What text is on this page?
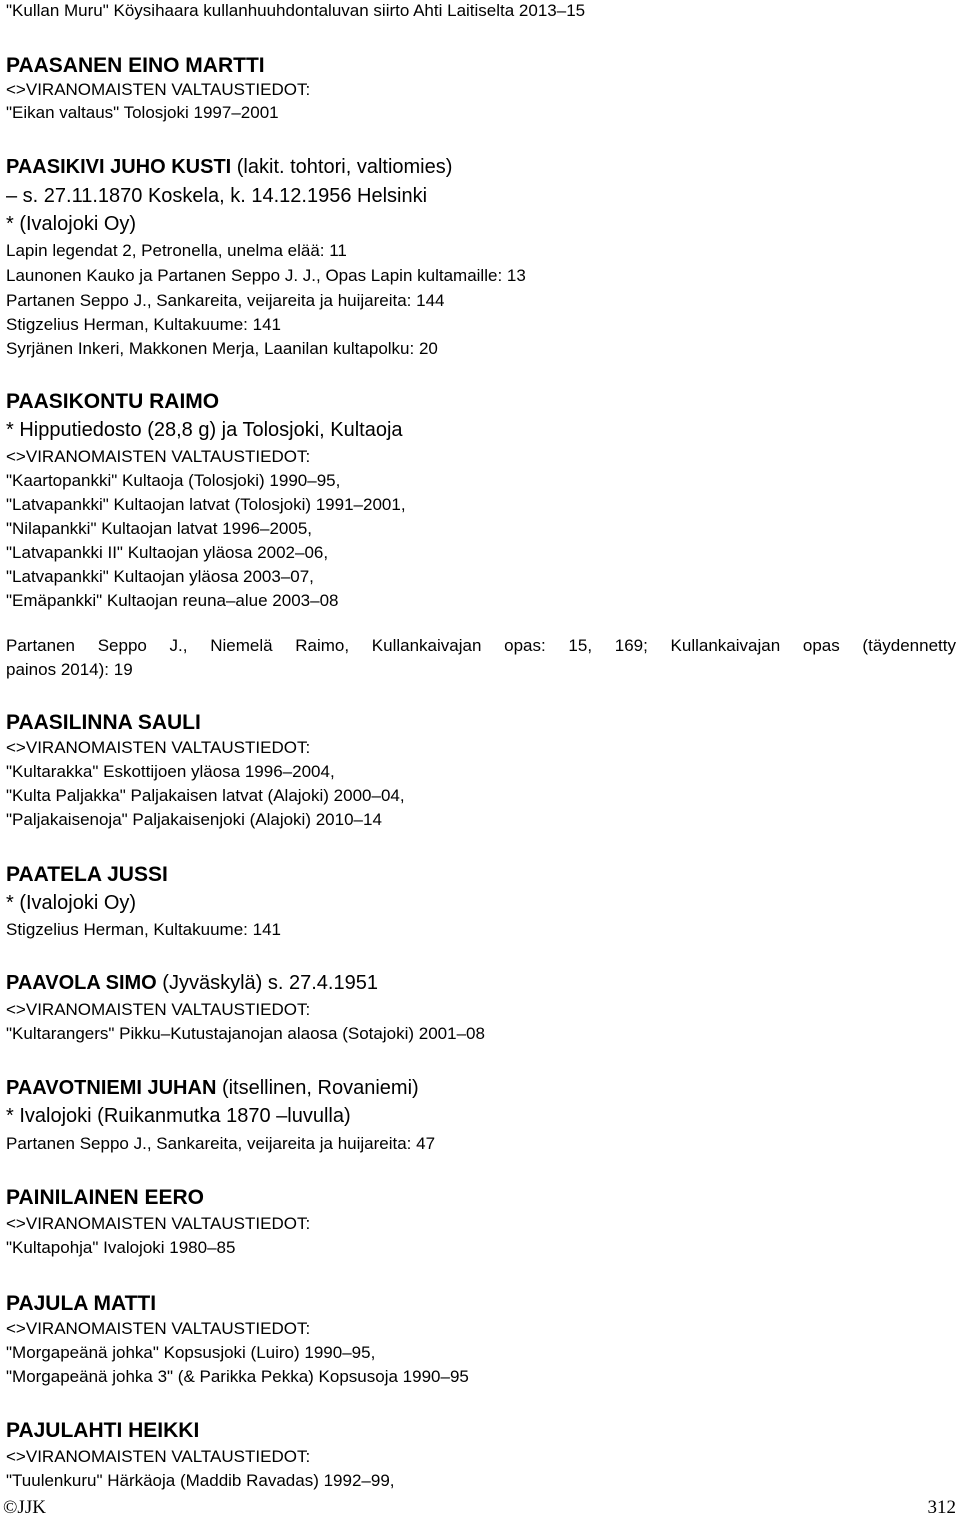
"Kullan Muru" Köysihaara kullanhuuhdontaluvan siirto Ahti Laitiselta 2013–15
PAASANEN EINO MARTTI
<>VIRANOMAISTEN VALTAUSTIEDOT:
"Eikan valtaus" Tolosjoki 1997–2001
PAASIKIVI JUHO KUSTI (lakit. tohtori, valtiomies)
– s. 27.11.1870 Koskela, k. 14.12.1956 Helsinki
* (Ivalojoki Oy)
Lapin legendat 2, Petronella, unelma elää: 11
Launonen Kauko ja Partanen Seppo J. J., Opas Lapin kultamaille: 13
Partanen Seppo J., Sankareita, veijareita ja huijareita: 144
Stigzelius Herman, Kultakuume: 141
Syrjänen Inkeri, Makkonen Merja, Laanilan kultapolku: 20
PAASIKONTU RAIMO
* Hipputiedosto (28,8 g) ja Tolosjoki, Kultaoja
<>VIRANOMAISTEN VALTAUSTIEDOT:
"Kaartopankki" Kultaoja (Tolosjoki) 1990–95,
"Latvapankki" Kultaojan latvat (Tolosjoki) 1991–2001,
"Nilapankki" Kultaojan latvat 1996–2005,
"Latvapankki II" Kultaojan yläosa 2002–06,
"Latvapankki" Kultaojan yläosa 2003–07,
"Emäpankki" Kultaojan reuna–alue 2003–08
Partanen Seppo J., Niemelä Raimo, Kullankaivajan opas: 15, 169; Kullankaivajan opas (täydennetty
painos 2014): 19
PAASILINNA SAULI
<>VIRANOMAISTEN VALTAUSTIEDOT:
"Kultarakka" Eskottijoen yläosa 1996–2004,
"Kulta Paljakka" Paljakaisen latvat (Alajoki) 2000–04,
"Paljakaisenoja" Paljakaisenjoki (Alajoki) 2010–14
PAATELA JUSSI
* (Ivalojoki Oy)
Stigzelius Herman, Kultakuume: 141
PAAVOLA SIMO (Jyväskylä) s. 27.4.1951
<>VIRANOMAISTEN VALTAUSTIEDOT:
"Kultarangers" Pikku–Kutustajanojan alaosa (Sotajoki) 2001–08
PAAVOTNIEMI JUHAN (itsellinen, Rovaniemi)
* Ivalojoki (Ruikanmutka 1870 –luvulla)
Partanen Seppo J., Sankareita, veijareita ja huijareita: 47
PAINILAINEN EERO
<>VIRANOMAISTEN VALTAUSTIEDOT:
"Kultapohja" Ivalojoki 1980–85
PAJULA MATTI
<>VIRANOMAISTEN VALTAUSTIEDOT:
"Morgapeänä johka" Kopsusjoki (Luiro) 1990–95,
"Morgapeänä johka 3" (& Parikka Pekka) Kopsusoja 1990–95
PAJULAHTI HEIKKI
<>VIRANOMAISTEN VALTAUSTIEDOT:
"Tuulenkuru" Härkäoja (Maddib Ravadas) 1992–99,
©JJK	312
